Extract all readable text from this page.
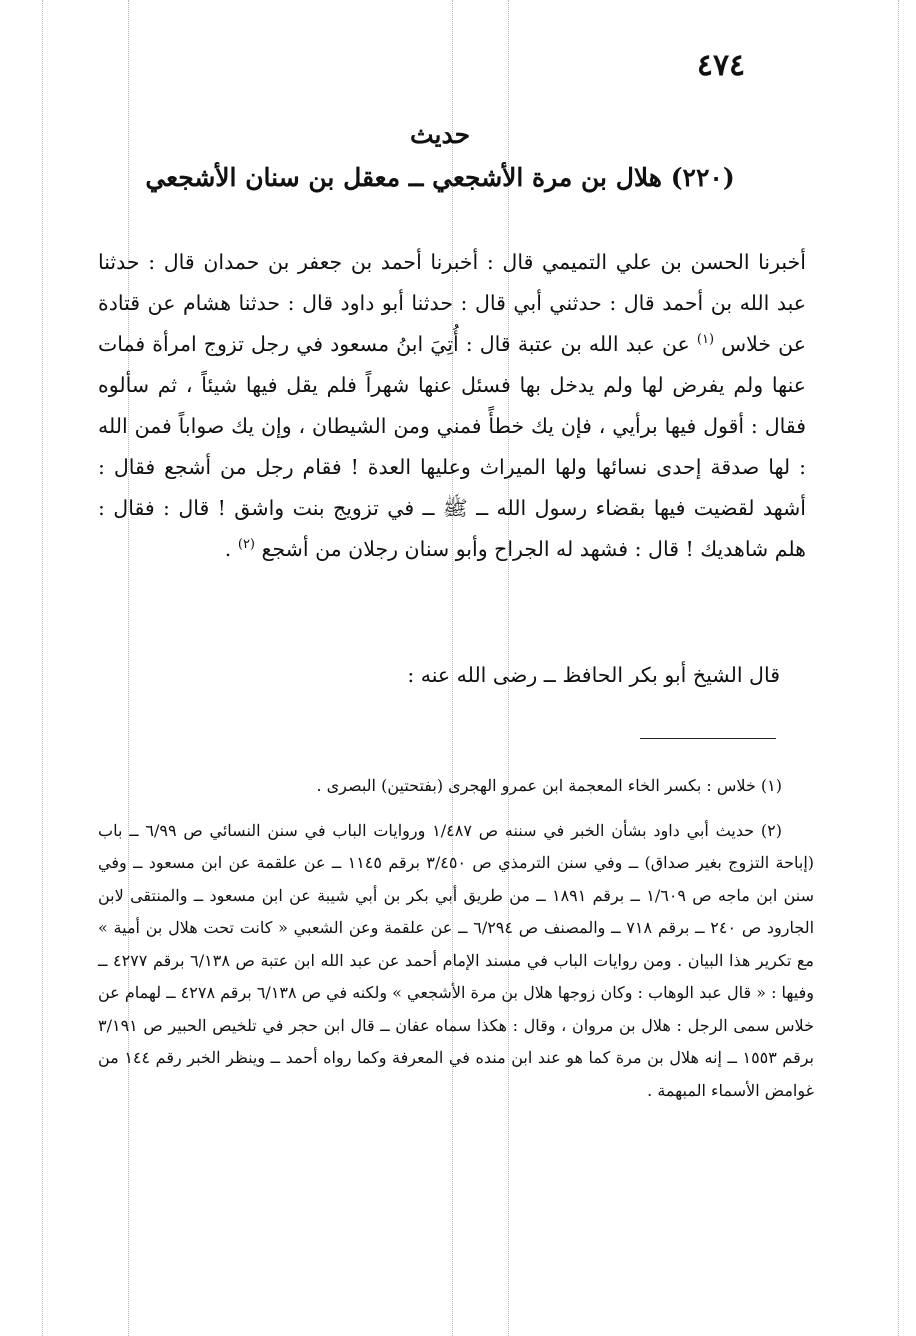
٤٧٤
حديث
(٢٢٠) هلال بن مرة الأشجعي ــ معقل بن سنان الأشجعي

أخبرنا الحسن بن علي التميمي قال : أخبرنا أحمد بن جعفر بن حمدان قال : حدثنا عبد الله بن أحمد قال : حدثني أبي قال : حدثنا أبو داود قال : حدثنا هشام عن قتادة عن خلاس $^{(١)}$ عن عبد الله بن عتبة قال : أُتِيَ ابنُ مسعود في رجل تزوج امرأة فمات عنها ولم يفرض لها ولم يدخل بها فسئل عنها شهراً فلم يقل فيها شيئاً ، ثم سألوه فقال : أقول فيها برأيي ، فإن يك خطأً فمني ومن الشيطان ، وإن يك صواباً فمن الله : لها صدقة إحدى نسائها ولها الميراث وعليها العدة ! فقام رجل من أشجع فقال : أشهد لقضيت فيها بقضاء رسول الله ــ ﷺ ــ في تزويج بنت واشق ! قال : فقال : هلم شاهديك ! قال : فشهد له الجراح وأبو سنان رجلان من أشجع $^{(٢)}$ .

قال الشيخ أبو بكر الحافظ ــ رضى الله عنه :

(١) خلاس : بكسر الخاء المعجمة ابن عمرو الهجرى (بفتحتين) البصرى .

(٢) حديث أبي داود بشأن الخبر في سننه ص ١/٤٨٧ وروايات الباب في سنن النسائي ص ٦/٩٩ ــ باب (إباحة التزوج بغير صداق) ــ وفي سنن الترمذي ص ٣/٤٥٠ برقم ١١٤٥ ــ عن علقمة عن ابن مسعود ــ وفي سنن ابن ماجه ص ١/٦٠٩ ــ برقم ١٨٩١ ــ من طريق أبي بكر بن أبي شيبة عن ابن مسعود ــ والمنتقى لابن الجارود ص ٢٤٠ ــ برقم ٧١٨ ــ والمصنف ص ٦/٢٩٤ ــ عن علقمة وعن الشعبي « كانت تحت هلال بن أمية » مع تكرير هذا البيان . ومن روايات الباب في مسند الإمام أحمد عن عبد الله ابن عتبة ص ٦/١٣٨ برقم ٤٢٧٧ ــ وفيها : « قال عبد الوهاب : وكان زوجها هلال بن مرة الأشجعي » ولكنه في ص ٦/١٣٨ برقم ٤٢٧٨ ــ لهمام عن خلاس سمى الرجل : هلال بن مروان ، وقال : هكذا سماه عفان ــ قال ابن حجر في تلخيص الحبير ص ٣/١٩١ برقم ١٥٥٣ ــ إنه هلال بن مرة كما هو عند ابن منده في المعرفة وكما رواه أحمد ــ وينظر الخبر رقم ١٤٤ من غوامض الأسماء المبهمة .
